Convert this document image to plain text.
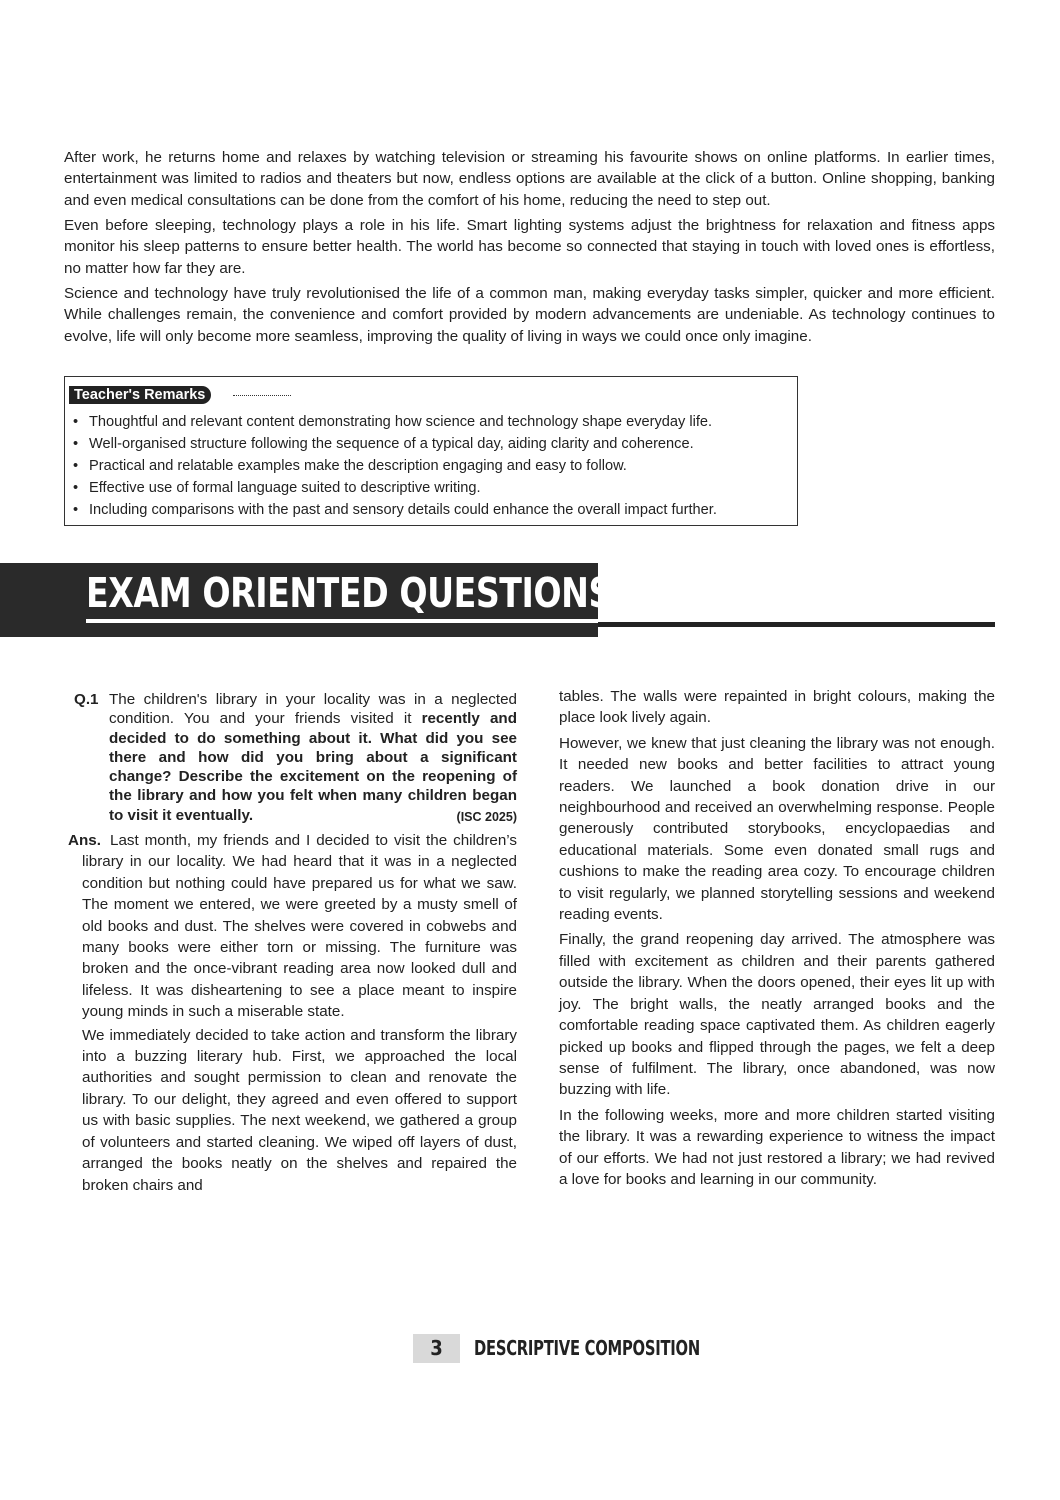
After work, he returns home and relaxes by watching television or streaming his favourite shows on online platforms. In earlier times, entertainment was limited to radios and theaters but now, endless options are available at the click of a button. Online shopping, banking and even medical consultations can be done from the comfort of his home, reducing the need to step out.

Even before sleeping, technology plays a role in his life. Smart lighting systems adjust the brightness for relaxation and fitness apps monitor his sleep patterns to ensure better health. The world has become so connected that staying in touch with loved ones is effortless, no matter how far they are.

Science and technology have truly revolutionised the life of a common man, making everyday tasks simpler, quicker and more efficient. While challenges remain, the convenience and comfort provided by modern advancements are undeniable. As technology continues to evolve, life will only become more seamless, improving the quality of living in ways we could once only imagine.

Teacher's Remarks
• Thoughtful and relevant content demonstrating how science and technology shape everyday life.
• Well-organised structure following the sequence of a typical day, aiding clarity and coherence.
• Practical and relatable examples make the description engaging and easy to follow.
• Effective use of formal language suited to descriptive writing.
• Including comparisons with the past and sensory details could enhance the overall impact further.
EXAM ORIENTED QUESTIONS
Q.1 The children's library in your locality was in a neglected condition. You and your friends visited it recently and decided to do something about it. What did you see there and how did you bring about a significant change? Describe the excitement on the reopening of the library and how you felt when many children began to visit it eventually.	(ISC 2025)

Ans. Last month, my friends and I decided to visit the children’s library in our locality. We had heard that it was in a neglected condition but nothing could have prepared us for what we saw. The moment we entered, we were greeted by a musty smell of old books and dust. The shelves were covered in cobwebs and many books were either torn or missing. The furniture was broken and the once-vibrant reading area now looked dull and lifeless. It was disheartening to see a place meant to inspire young minds in such a miserable state.

We immediately decided to take action and transform the library into a buzzing literary hub. First, we approached the local authorities and sought permission to clean and renovate the library. To our delight, they agreed and even offered to support us with basic supplies. The next weekend, we gathered a group of volunteers and started cleaning. We wiped off layers of dust, arranged the books neatly on the shelves and repaired the broken chairs and

tables. The walls were repainted in bright colours, making the place look lively again.

However, we knew that just cleaning the library was not enough. It needed new books and better facilities to attract young readers. We launched a book donation drive in our neighbourhood and received an overwhelming response. People generously contributed storybooks, encyclopaedias and educational materials. Some even donated small rugs and cushions to make the reading area cozy. To encourage children to visit regularly, we planned storytelling sessions and weekend reading events.

Finally, the grand reopening day arrived. The atmosphere was filled with excitement as children and their parents gathered outside the library. When the doors opened, their eyes lit up with joy. The bright walls, the neatly arranged books and the comfortable reading space captivated them. As children eagerly picked up books and flipped through the pages, we felt a deep sense of fulfilment. The library, once abandoned, was now buzzing with life.

In the following weeks, more and more children started visiting the library. It was a rewarding experience to witness the impact of our efforts. We had not just restored a library; we had revived a love for books and learning in our community.

3	DESCRIPTIVE COMPOSITION
